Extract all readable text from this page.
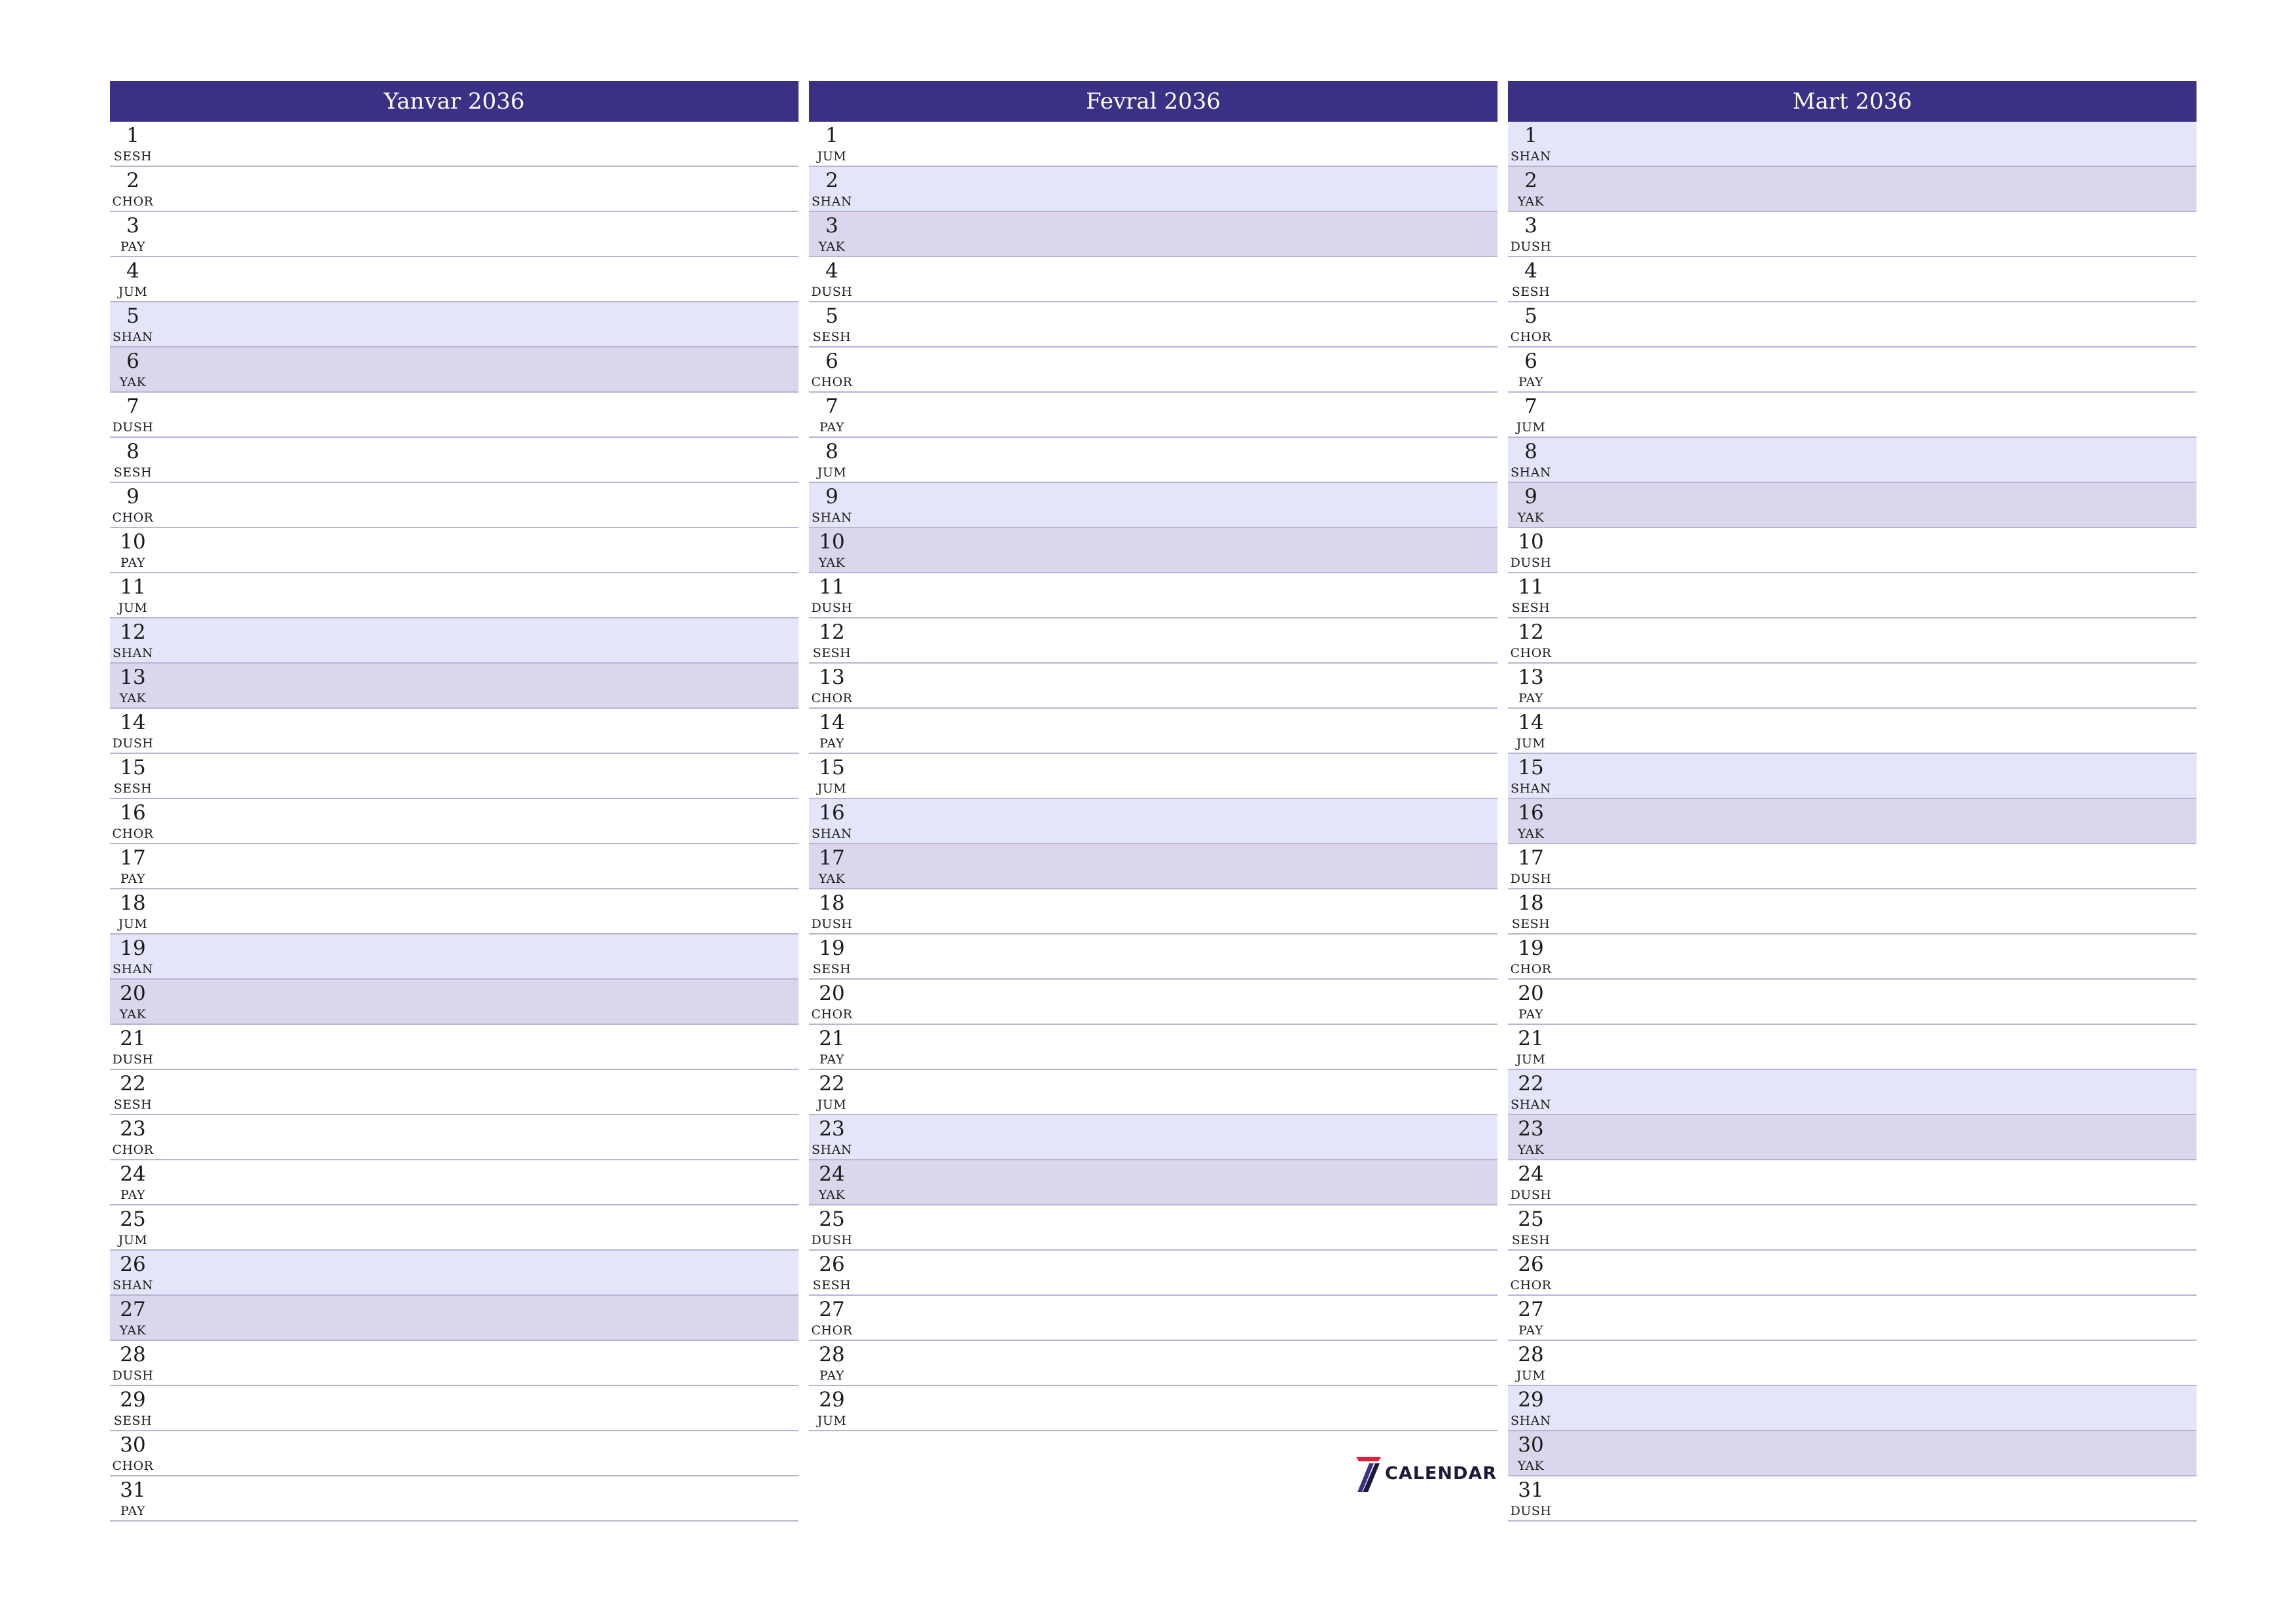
Yanvar 2036
1
SESH
2
CHOR
3
PAY
4
JUM
5
SHAN
6
YAK
7
DUSH
8
SESH
9
CHOR
10
PAY
11
JUM
12
SHAN
13
YAK
14
DUSH
15
SESH
16
CHOR
17
PAY
18
JUM
19
SHAN
20
YAK
21
DUSH
22
SESH
23
CHOR
24
PAY
25
JUM
26
SHAN
27
YAK
28
DUSH
29
SESH
30
CHOR
31
PAY
Fevral 2036
1
JUM
2
SHAN
3
YAK
4
DUSH
5
SESH
6
CHOR
7
PAY
8
JUM
9
SHAN
10
YAK
11
DUSH
12
SESH
13
CHOR
14
PAY
15
JUM
16
SHAN
17
YAK
18
DUSH
19
SESH
20
CHOR
21
PAY
22
JUM
23
SHAN
24
YAK
25
DUSH
26
SESH
27
CHOR
28
PAY
29
JUM
Mart 2036
1
SHAN
2
YAK
3
DUSH
4
SESH
5
CHOR
6
PAY
7
JUM
8
SHAN
9
YAK
10
DUSH
11
SESH
12
CHOR
13
PAY
14
JUM
15
SHAN
16
YAK
17
DUSH
18
SESH
19
CHOR
20
PAY
21
JUM
22
SHAN
23
YAK
24
DUSH
25
SESH
26
CHOR
27
PAY
28
JUM
29
SHAN
30
YAK
31
DUSH
CALENDAR
